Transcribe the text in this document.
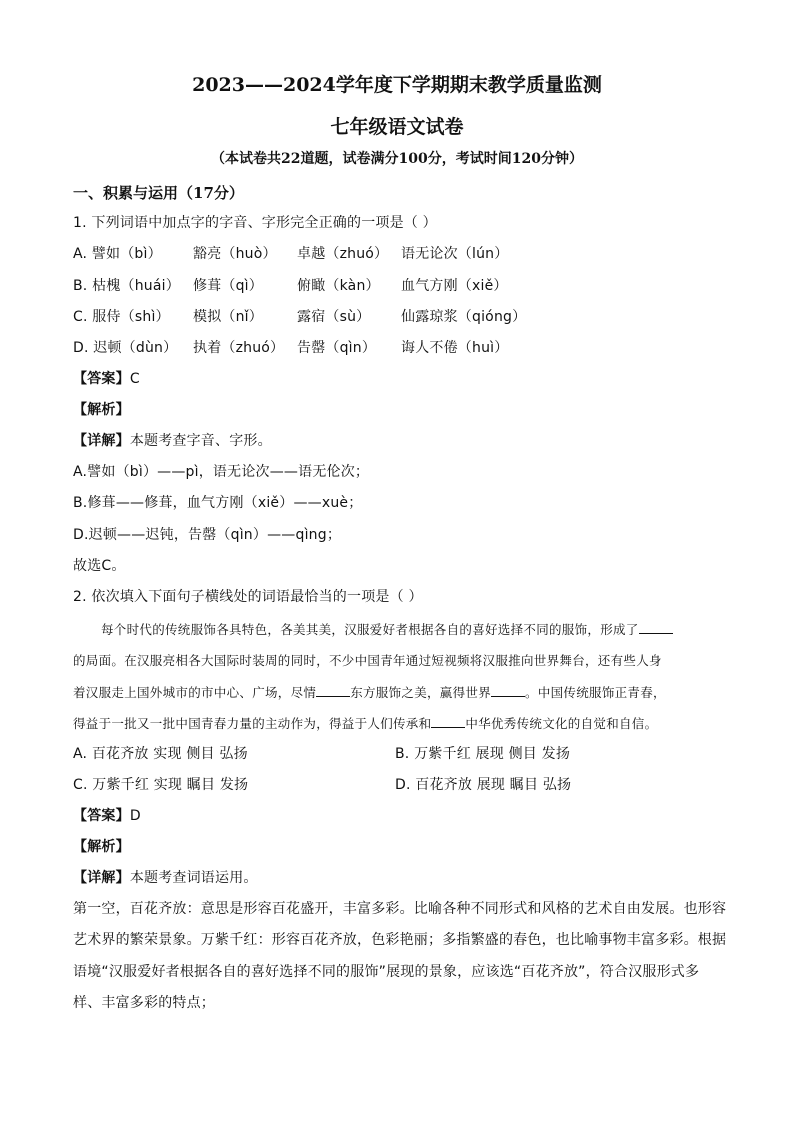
2023——2024学年度下学期期末教学质量监测
七年级语文试卷
（本试卷共22道题，试卷满分100分，考试时间120分钟）
一、积累与运用（17分）
1. 下列词语中加点字的字音、字形完全正确的一项是（ ）
A. 譬如（bì） 豁亮（huò） 卓越（zhuó） 语无论次（lún）
B. 枯槐（huái） 修葺（qì） 俯瞰（kàn） 血气方刚（xiě）
C. 服侍（shì） 模拟（nǐ） 露宿（sù） 仙露琼浆（qióng）
D. 迟顿（dùn） 执着（zhuó） 告罄（qìn） 诲人不倦（huì）
【答案】C
【解析】
【详解】本题考查字音、字形。
A.譬如（bì）——pì，语无论次——语无伦次；
B.修葺——修葺，血气方刚（xiě）——xuè；
D.迟顿——迟钝，告罄（qìn）——qìng；
故选C。
2. 依次填入下面句子横线处的词语最恰当的一项是（ ）
每个时代的传统服饰各具特色，各美其美，汉服爱好者根据各自的喜好选择不同的服饰，形成了
的局面。在汉服亮相各大国际时装周的同时，不少中国青年通过短视频将汉服推向世界舞台，还有些人身
着汉服走上国外城市的市中心、广场，尽情	东方服饰之美，赢得世界	。中国传统服饰正青春，
得益于一批又一批中国青春力量的主动作为，得益于人们传承和	中华优秀传统文化的自觉和自信。
A. 百花齐放 实现 侧目 弘扬	B. 万紫千红 展现 侧目 发扬
C. 万紫千红 实现 瞩目 发扬	D. 百花齐放 展现 瞩目 弘扬
【答案】D
【解析】
【详解】本题考查词语运用。
第一空，百花齐放：意思是形容百花盛开，丰富多彩。比喻各种不同形式和风格的艺术自由发展。也形容
艺术界的繁荣景象。万紫千红：形容百花齐放，色彩艳丽；多指繁盛的春色，也比喻事物丰富多彩。根据
语境“汉服爱好者根据各自的喜好选择不同的服饰”展现的景象，应该选“百花齐放”，符合汉服形式多
样、丰富多彩的特点；
